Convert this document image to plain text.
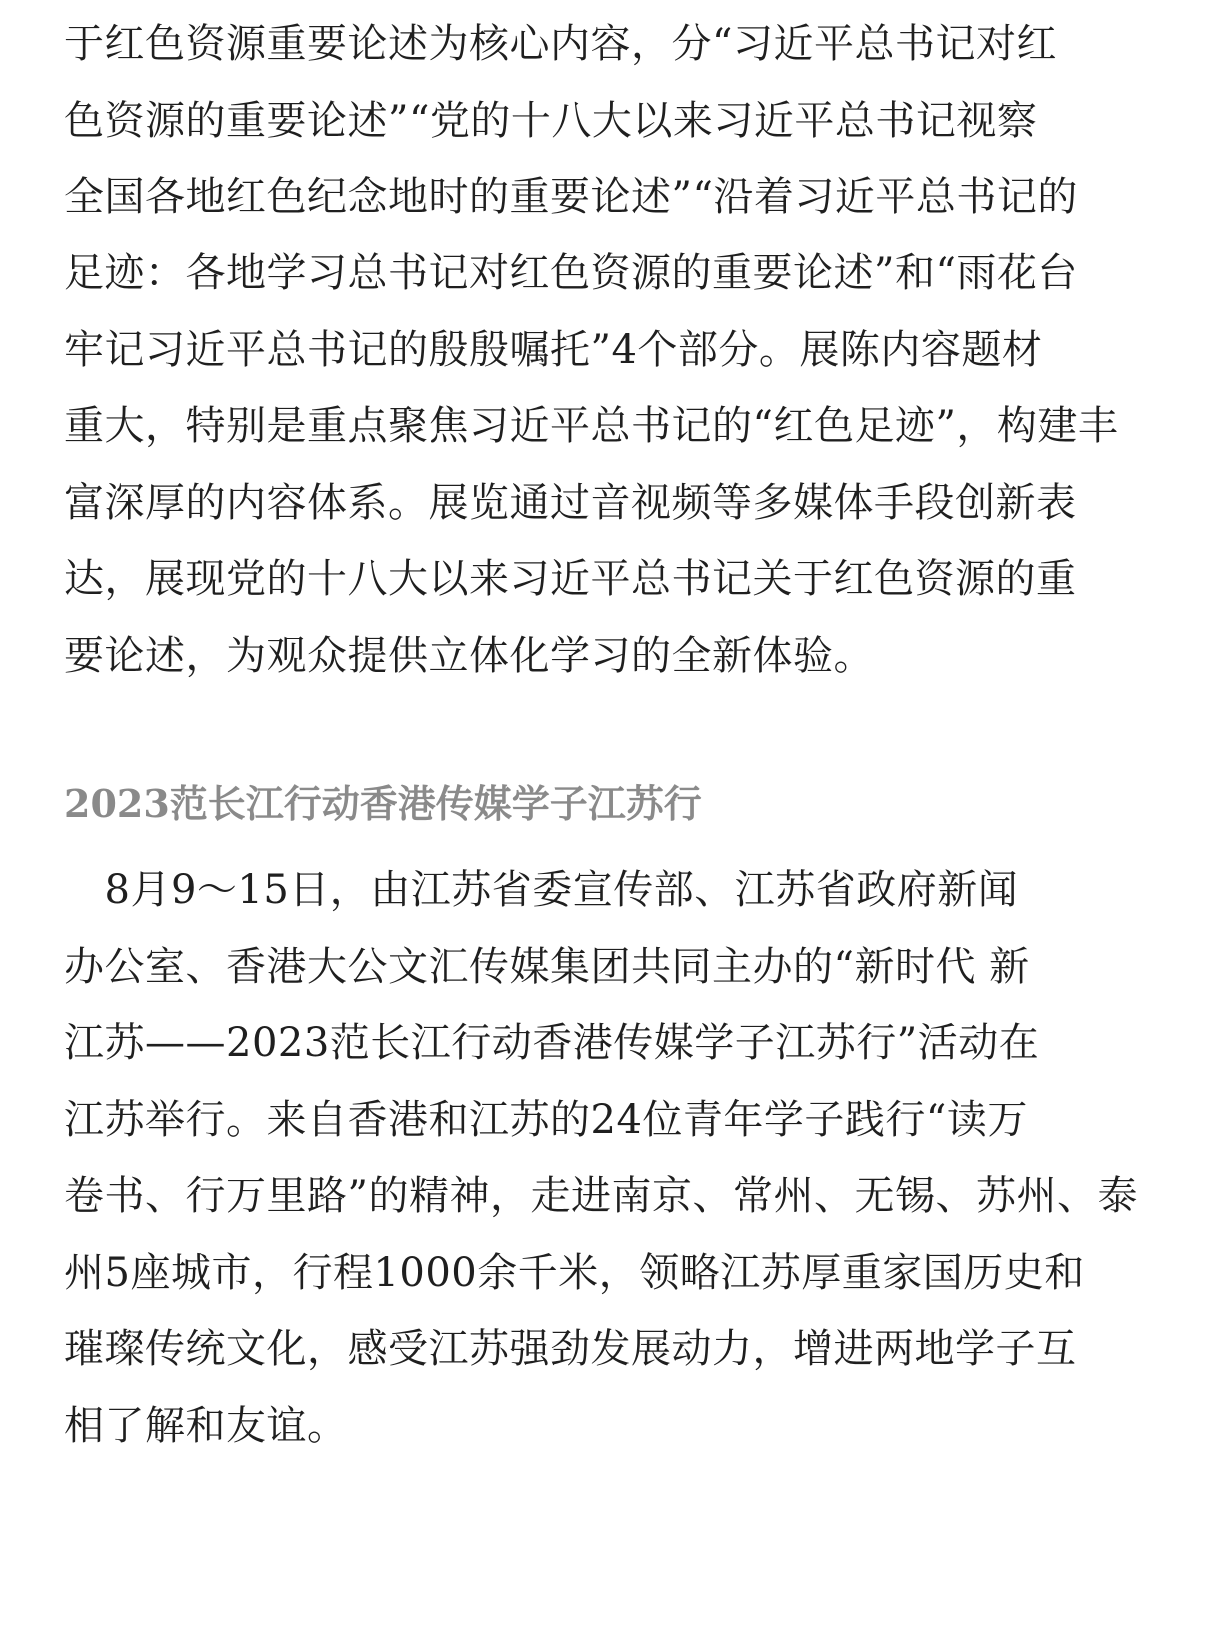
于红色资源重要论述为核心内容，分“习近平总书记对红
色资源的重要论述”“党的十八大以来习近平总书记视察
全国各地红色纪念地时的重要论述”“沿着习近平总书记的
足迹：各地学习总书记对红色资源的重要论述”和“雨花台
牢记习近平总书记的殷殷嘱托”4个部分。展陈内容题材
重大，特别是重点聚焦习近平总书记的“红色足迹”，构建丰
富深厚的内容体系。展览通过音视频等多媒体手段创新表
达，展现党的十八大以来习近平总书记关于红色资源的重
要论述，为观众提供立体化学习的全新体验。
2023范长江行动香港传媒学子江苏行
　8月9～15日，由江苏省委宣传部、江苏省政府新闻
办公室、香港大公文汇传媒集团共同主办的“新时代 新
江苏——2023范长江行动香港传媒学子江苏行”活动在
江苏举行。来自香港和江苏的24位青年学子践行“读万
卷书、行万里路”的精神，走进南京、常州、无锡、苏州、泰
州5座城市，行程1000余千米，领略江苏厚重家国历史和
璀璨传统文化，感受江苏强劲发展动力，增进两地学子互
相了解和友谊。
